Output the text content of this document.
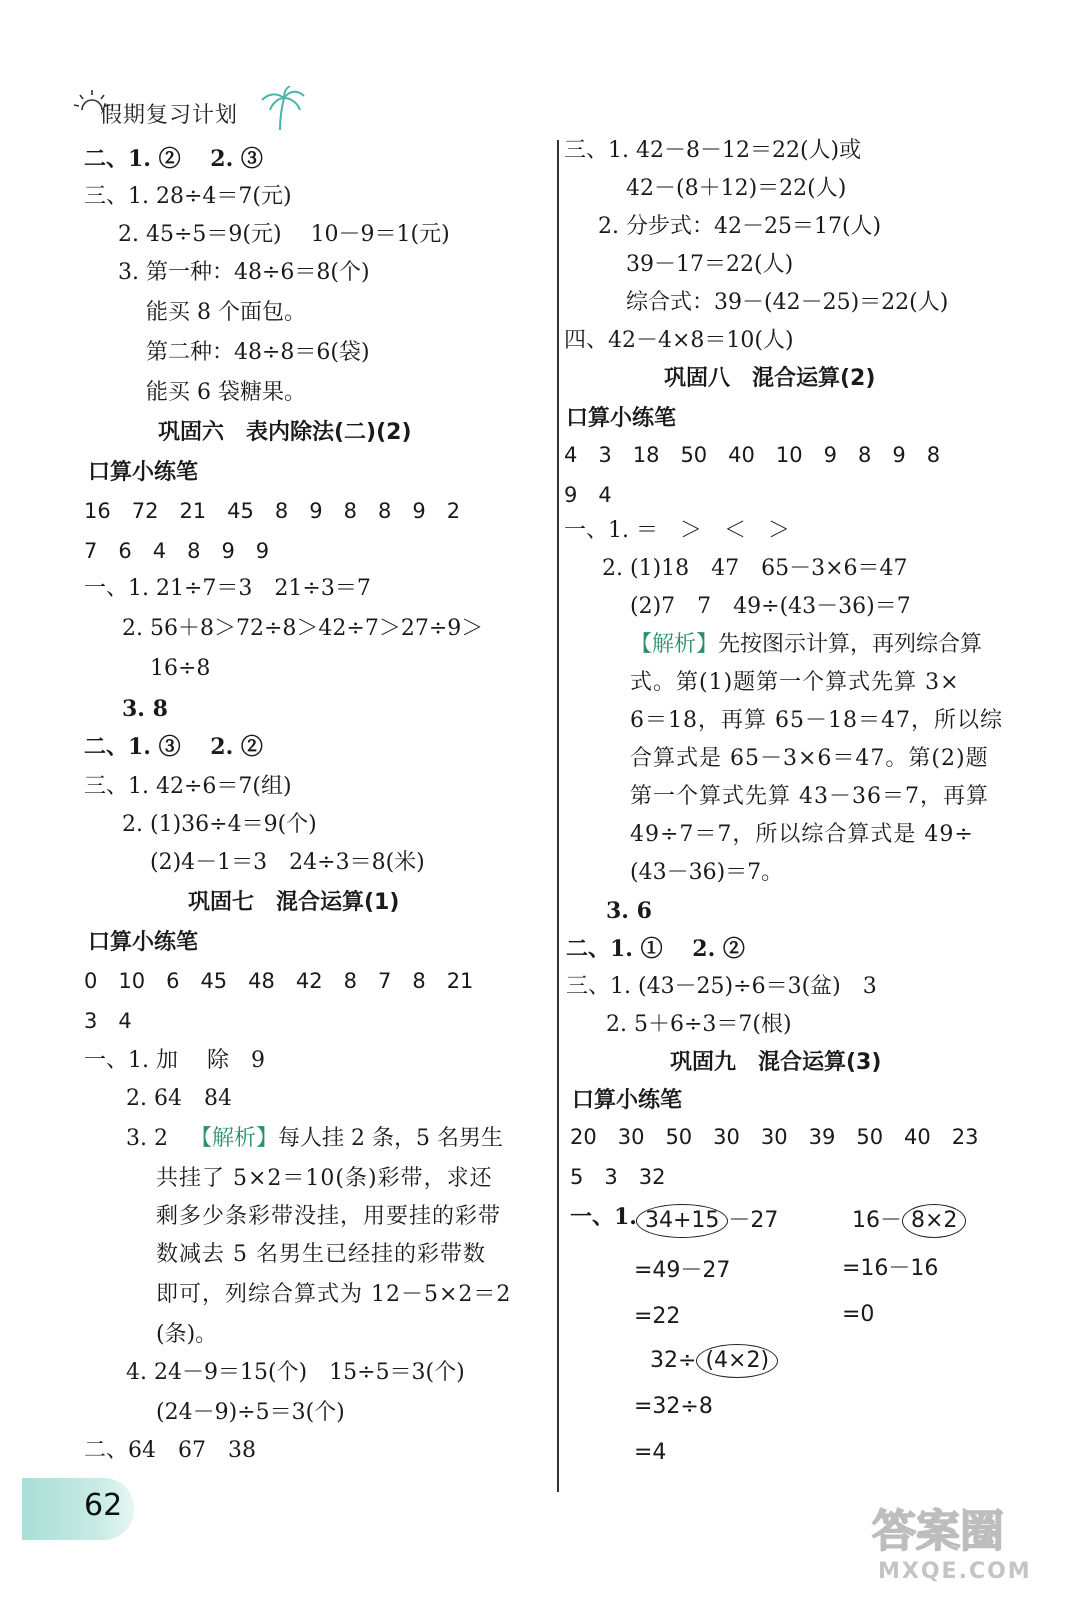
假期复习计划
二、1. ②　 2. ③
三、1. 28÷4＝7(元)
2. 45÷5＝9(元)　 10－9＝1(元)
3. 第一种：48÷6＝8(个)
能买 8 个面包。
第二种：48÷8＝6(袋)
能买 6 袋糖果。
巩固六　表内除法(二)(2)
口算小练笔
16　72　21　45　8　9　8　8　9　2
7　6　4　8　9　9
一、1. 21÷7＝3　21÷3＝7
2. 56＋8＞72÷8＞42÷7＞27÷9＞
16÷8
3. 8
二、1. ③　 2. ②
三、1. 42÷6＝7(组)
2. (1)36÷4＝9(个)
(2)4－1＝3　24÷3＝8(米)
巩固七　混合运算(1)
口算小练笔
0　10　6　45　48　42　8　7　8　21
3　4
一、1. 加　 除　9
2. 64　84
3. 2 【解析】每人挂 2 条，5 名男生
共挂了 5×2＝10(条)彩带，求还
剩多少条彩带没挂，用要挂的彩带
数减去 5 名男生已经挂的彩带数
即可，列综合算式为 12－5×2＝2
(条)。
4. 24－9＝15(个)　15÷5＝3(个)
(24－9)÷5＝3(个)
二、64　67　38
三、1. 42－8－12＝22(人)或
42－(8＋12)＝22(人)
2. 分步式：42－25＝17(人)
39－17＝22(人)
综合式：39－(42－25)＝22(人)
四、42－4×8＝10(人)
巩固八　混合运算(2)
口算小练笔
4　3　18　50　40　10　9　8　9　8
9　4
一、1. ＝　＞　＜　＞
2. (1)18　47　65－3×6＝47
(2)7　7　49÷(43－36)＝7
【解析】先按图示计算，再列综合算
式。第(1)题第一个算式先算 3×
6＝18，再算 65－18＝47，所以综
合算式是 65－3×6＝47。第(2)题
第一个算式先算 43－36＝7，再算
49÷7＝7，所以综合算式是 49÷
(43－36)＝7。
3. 6
二、1. ①　 2. ②
三、1. (43－25)÷6＝3(盆)　3
2. 5＋6÷3＝7(根)
巩固九　混合运算(3)
口算小练笔
20　30　50　30　30　39　50　40　23
5　3　32
一、1. 34+15 －27
=49－27
=22
16－ 8×2
=16－16
=0
32÷ (4×2)
=32÷8
=4
62
答案圈
MXQE.COM
